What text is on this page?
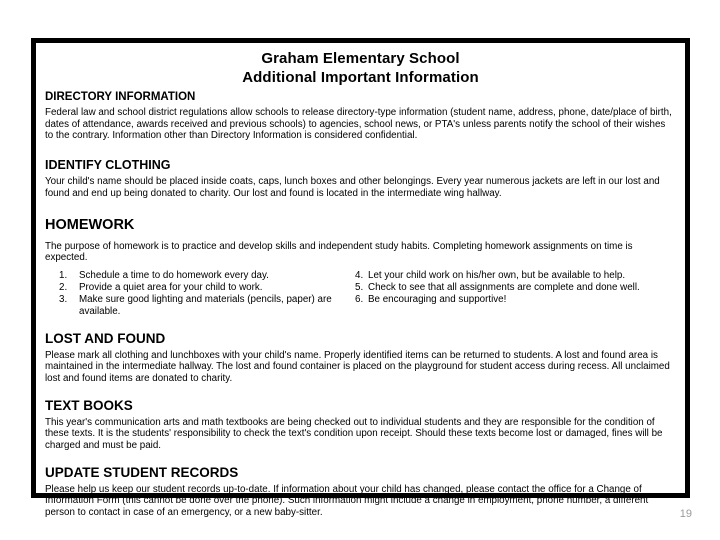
Graham Elementary School
Additional Important Information
DIRECTORY INFORMATION

Federal law and school district regulations allow schools to release directory-type information (student name, address, phone, date/place of birth, dates of attendance, awards received and previous schools) to agencies, school news, or PTA's unless parents notify the school of their wishes to the contrary. Information other than Directory Information is considered confidential.

IDENTIFY CLOTHING

Your child's name should be placed inside coats, caps, lunch boxes and other belongings. Every year numerous jackets are left in our lost and found and end up being donated to charity. Our lost and found is located in the intermediate wing hallway.

HOMEWORK

The purpose of homework is to practice and develop skills and independent study habits. Completing homework assignments on time is expected.

1.	Schedule a time to do homework every day.
2.	Provide a quiet area for your child to work.
3.	Make sure good lighting and materials (pencils, paper) are available.
4. Let your child work on his/her own, but be available to help.
5. Check to see that all assignments are complete and done well.
6. Be encouraging and supportive!
LOST AND FOUND

Please mark all clothing and lunchboxes with your child's name. Properly identified items can be returned to students. A lost and found area is maintained in the intermediate hallway. The lost and found container is placed on the playground for student access during recess. All unclaimed lost and found items are donated to charity.

TEXT BOOKS

This year's communication arts and math textbooks are being checked out to individual students and they are responsible for the condition of these texts. It is the students' responsibility to check the text's condition upon receipt. Should these texts become lost or damaged, fines will be charged and must be paid.

UPDATE STUDENT RECORDS

Please help us keep our student records up-to-date. If information about your child has changed, please contact the office for a Change of Information Form (this cannot be done over the phone). Such information might include a change in employment, phone number, a different person to contact in case of an emergency, or a new baby-sitter.	19
